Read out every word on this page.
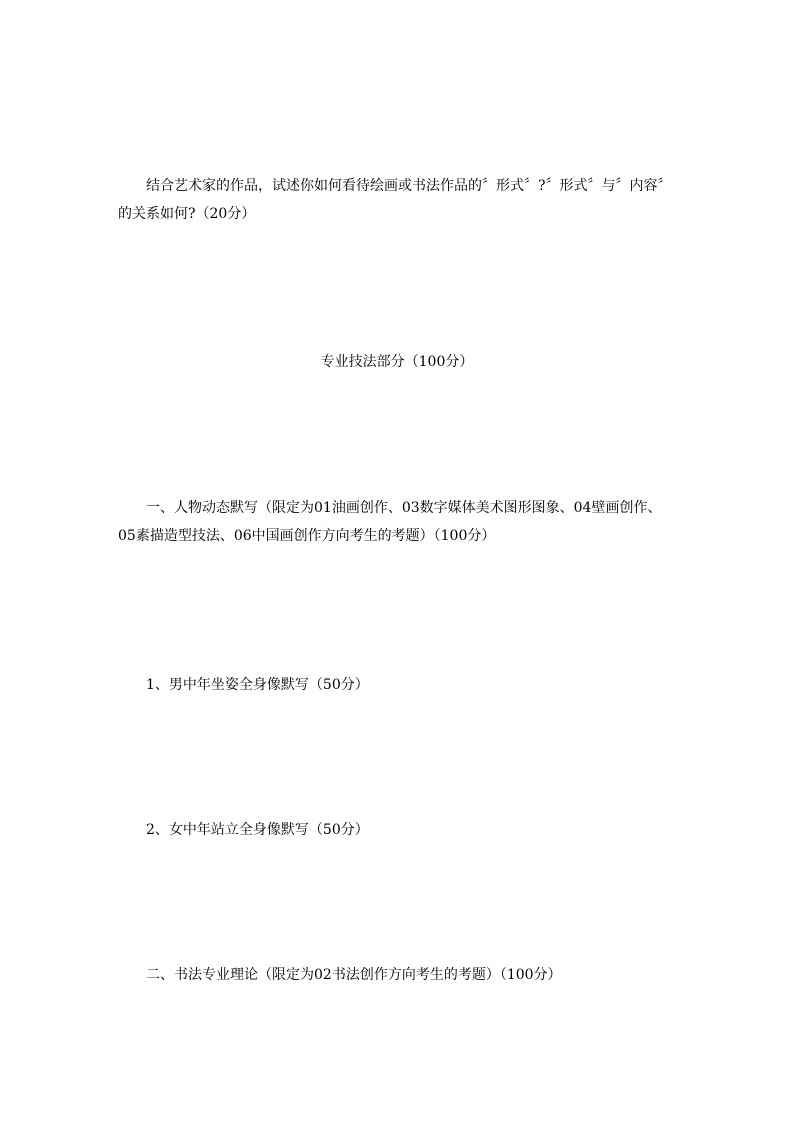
结合艺术家的作品，试述你如何看待绘画或书法作品的〞形式〞?〞形式〞与〞内容〞的关系如何?（20分）
专业技法部分（100分）
一、人物动态默写（限定为01油画创作、03数字媒体美术图形图象、04壁画创作、05素描造型技法、06中国画创作方向考生的考题）（100分）
1、男中年坐姿全身像默写（50分）
2、女中年站立全身像默写（50分）
二、书法专业理论（限定为02书法创作方向考生的考题）（100分）
